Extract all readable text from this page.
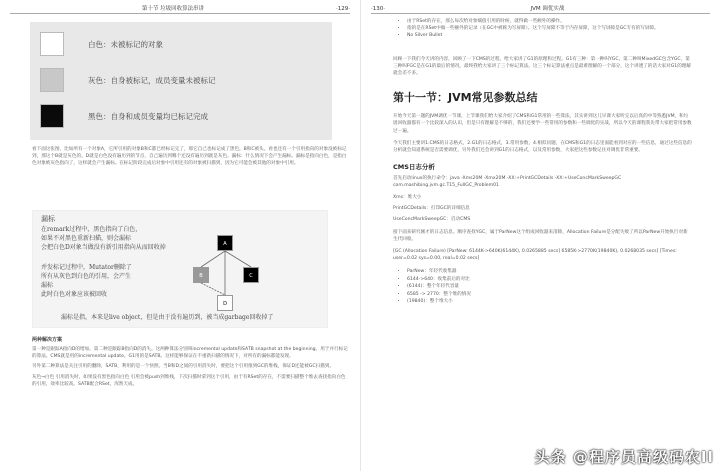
第十节 垃圾回收算法串讲	·129·
白色：未被标记的对象
灰色：自身被标记，成员变量未被标记
黑色：自身和成员变量均已标记完成

看下面这张图，比如所有一个对象A，它所引用的对象B和C都已经标记完了，那它自己也标记成了黑色。B和C被头。看也还有一个引用指向的对象没被标记到，那这个B就是灰色的。D就是白色没有遍历到的节点，自己遍历到哪个还没有遍历到就是灰色。漏标：什么情况下会产生漏标。漏标是指向白色，是指白色对象被灰色指向了，这样就会产生漏标。在标记阶段完成后对象中引用还有的对象被扫描到，因为它可能会被其他的对象中引用。

漏标
在remark过程中，黑色指向了白色，
如果不对黑色重新扫描，则会漏标
会把白色D对象当做没有新引用指向从而回收掉
并发标记过程中，Mutator删除了
所有从灰色到白色的引用，会产生
漏标
此时白色对象应该被回收
A
B	C
D
漏标是指，本来是live object，但是由于没有遍历到，被当成garbage回收掉了
两种解决方案

第一种是跟踪A指向D的增加。第二种是跟踪B指向D的消失。这两种算法分别叫incremental update和SATB snapshot at the beginning。用于并行标记的算法。CMS就是用的incremental update。G1用的是SATB。这样能够保证在不重新扫描的情况下，对所有的漏标都能发现。

另外第二种算法是关注引用的删除，SATB，利用的是一个快照。当B和D之间的引用消失时，要把这个引用推到GC的堆栈，保证D还能被GC扫描到。

灰色→白色 引用消失时，如果没有黑色指向白色 引用会被push到堆栈，下次扫描时拿到这个引用，由于有RSet的存在，不需要扫描整个堆去查找指向白色的引用，效率比较高。SATB配合RSet，浑然天成。

·130·	JVM 调优实战
• 由于RSet的存在，那么每次给对象赋值引用的时候，就得做一些额外的操作。
• 指的是在RSet中做一些额外的记录（在GC中被称为写屏障）。这个写屏障不等于内存屏障，这个写屏障是GC专有的写屏障。
• No Silver Bullet

回顾一下我们今天讲的内容，回顾了一下CMS的过程，给大家讲了G1的原理和过程。G1有三种：第一种叫YGC，第二种叫MixedGC包含YGC，第三种叫FGC是在G1的最后的情况，最终我给大家讲了三个标记算法。这三个标记算法重点是最难理解的一个部分，这个讲透了的话大家对G1的理解就会差不多。

第十一节：JVM常见参数总结

开始今天第一题的JVM调优一节课，上节课我们给大家介绍了CMS和G1常用的一些算法，其实讲到这儿早课大家听完以后真的中等熟悉JVM，和垃圾回收器都有一个比较深入的认识，但是只有理解是不够的，我们还要学一些常用的参数和一些调优的实战，所以今天的课程我先带大家把常用参数过一遍。

今天我们主要讲1.CMS的日志格式，2.G1的日志格式，3.常用参数，4.相似问题，在CMS和G1的日志里面能看到对应的一些信息，通过这些信息的分析就会知道系统是否需要调优，另外我们还会讲到G1的日志格式，以及常用参数，大家把这些参数记住对调优非常重要。

CMS日志分析

首先启动linux的执行命令：java -Xms20M -Xmx20M -XX:+PrintGCDetails -XX:+UseConcMarkSweepGC com.mashibing.jvm.gc.T15_FullGC_Problem01

Xms：堆大小

PrintGCDetails：打印GC的详细信息

UseConcMarkSweepGC：启动CMS

接下面来研究刚才的日志信息。顺序查找YGC，属于ParNew这个组成回收器来清除，Allocation Failure是分配失败了所以ParNew开始执行对新生代回收。

[GC (Allocation Failure) [ParNew: 6144K->640K(6144K), 0.0265885 secs] 6585K->2770K(19840K), 0.0268035 secs] [Times: user=0.02 sys=0.00, real=0.02 secs]

• ParNew：年轻代收集器
• 6144->640：收集前后的对比
• (6144)：整个年轻代容量
• 6585 -> 2770：整个堆的情况
• (19840)：整个堆大小
头条 @程序员高级码农II
